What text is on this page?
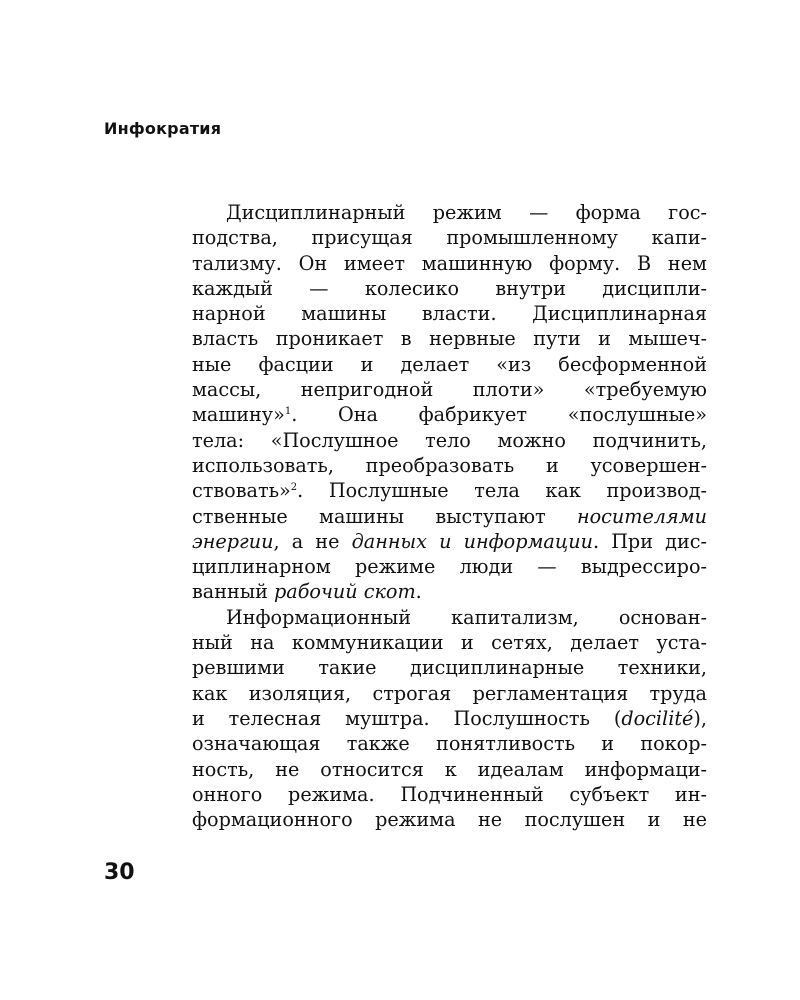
Инфократия
Дисциплинарный режим — форма гос-
подства, присущая промышленному капи-
тализму. Он имеет машинную форму. В нем
каждый — колесико внутри дисципли-
нарной машины власти. Дисциплинарная
власть проникает в нервные пути и мышеч-
ные фасции и делает «из бесформенной
массы, непригодной плоти» «требуемую
машину»$^1$. Она фабрикует «послушные»
тела: «Послушное тело можно подчинить,
использовать, преобразовать и усовершен-
ствовать»$^2$. Послушные тела как производ-
ственные машины выступают носителями
энергии, а не данных и информации. При дис-
циплинарном режиме люди — выдрессиро-
ванный рабочий скот.
Информационный капитализм, основан-
ный на коммуникации и сетях, делает уста-
ревшими такие дисциплинарные техники,
как изоляция, строгая регламентация труда
и телесная муштра. Послушность (docilité),
означающая также понятливость и покор-
ность, не относится к идеалам информаци-
онного режима. Подчиненный субъект ин-
формационного режима не послушен и не
30
